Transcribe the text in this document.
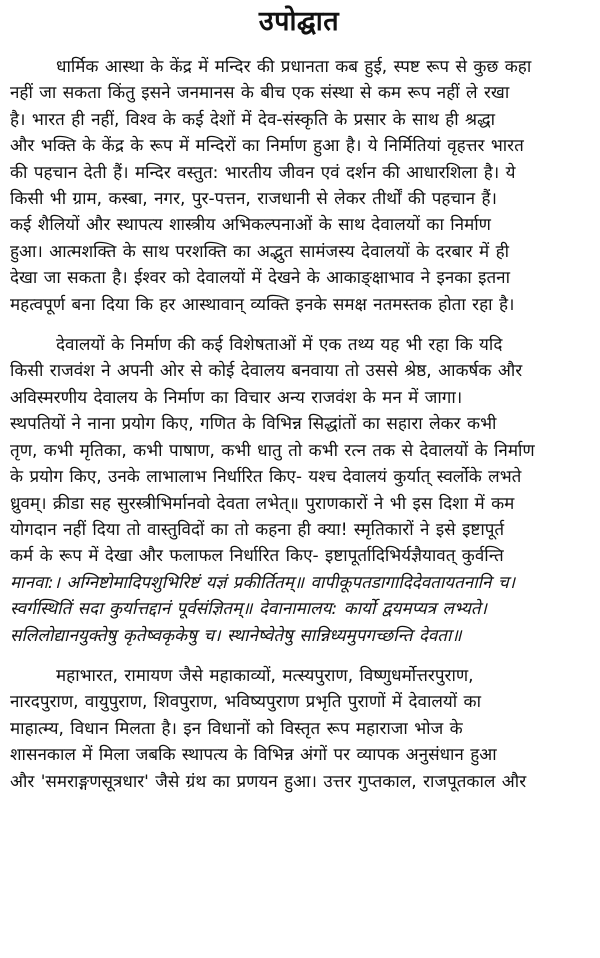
उपोद्घात
धार्मिक आस्था के केंद्र में मन्दिर की प्रधानता कब हुई, स्पष्ट रूप से कुछ कहा
नहीं जा सकता किंतु इसने जनमानस के बीच एक संस्था से कम रूप नहीं ले रखा
है। भारत ही नहीं, विश्व के कई देशों में देव-संस्कृति के प्रसार के साथ ही श्रद्धा
और भक्ति के केंद्र के रूप में मन्दिरों का निर्माण हुआ है। ये निर्मितियां वृहत्तर भारत
की पहचान देती हैं। मन्दिर वस्तुत: भारतीय जीवन एवं दर्शन की आधारशिला है। ये
किसी भी ग्राम, कस्बा, नगर, पुर-पत्तन, राजधानी से लेकर तीर्थों की पहचान हैं।
कई शैलियों और स्थापत्य शास्त्रीय अभिकल्पनाओं के साथ देवालयों का निर्माण
हुआ। आत्मशक्ति के साथ परशक्ति का अद्भुत सामंजस्य देवालयों के दरबार में ही
देखा जा सकता है। ईश्वर को देवालयों में देखने के आकाङ्क्षाभाव ने इनका इतना
महत्वपूर्ण बना दिया कि हर आस्थावान् व्यक्ति इनके समक्ष नतमस्तक होता रहा है।
देवालयों के निर्माण की कई विशेषताओं में एक तथ्य यह भी रहा कि यदि
किसी राजवंश ने अपनी ओर से कोई देवालय बनवाया तो उससे श्रेष्ठ, आकर्षक और
अविस्मरणीय देवालय के निर्माण का विचार अन्य राजवंश के मन में जागा।
स्थपतियों ने नाना प्रयोग किए, गणित के विभिन्न सिद्धांतों का सहारा लेकर कभी
तृण, कभी मृतिका, कभी पाषाण, कभी धातु तो कभी रत्न तक से देवालयों के निर्माण
के प्रयोग किए, उनके लाभालाभ निर्धारित किए- यश्च देवालयं कुर्यात् स्वर्लोके लभते
ध्रुवम्। क्रीडा सह सुरस्त्रीभिर्मानवो देवता लभेत्॥ पुराणकारों ने भी इस दिशा में कम
योगदान नहीं दिया तो वास्तुविदों का तो कहना ही क्या! स्मृतिकारों ने इसे इष्टापूर्त
कर्म के रूप में देखा और फलाफल निर्धारित किए- इष्टापूर्तादिभिर्यज्ञैयावत् कुर्वन्ति
मानवा:। अग्निष्टोमादिपशुभिरिष्टं यज्ञं प्रकीर्तितम्॥ वापीकूपतडागादिदेवतायतनानि च।
स्वर्गस्थितिं सदा कुर्यात्तद्दानं पूर्वसंज्ञितम्॥ देवानामालय: कार्यो द्वयमप्यत्र लभ्यते।
सलिलोद्यानयुक्तेषु कृतेष्वकृकेषु च। स्थानेष्वेतेषु सान्निध्यमुपगच्छन्ति देवता॥
महाभारत, रामायण जैसे महाकाव्यों, मत्स्यपुराण, विष्णुधर्मोत्तरपुराण,
नारदपुराण, वायुपुराण, शिवपुराण, भविष्यपुराण प्रभृति पुराणों में देवालयों का
माहात्म्य, विधान मिलता है। इन विधानों को विस्तृत रूप महाराजा भोज के
शासनकाल में मिला जबकि स्थापत्य के विभिन्न अंगों पर व्यापक अनुसंधान हुआ
और 'समराङ्गणसूत्रधार' जैसे ग्रंथ का प्रणयन हुआ। उत्तर गुप्तकाल, राजपूतकाल और
